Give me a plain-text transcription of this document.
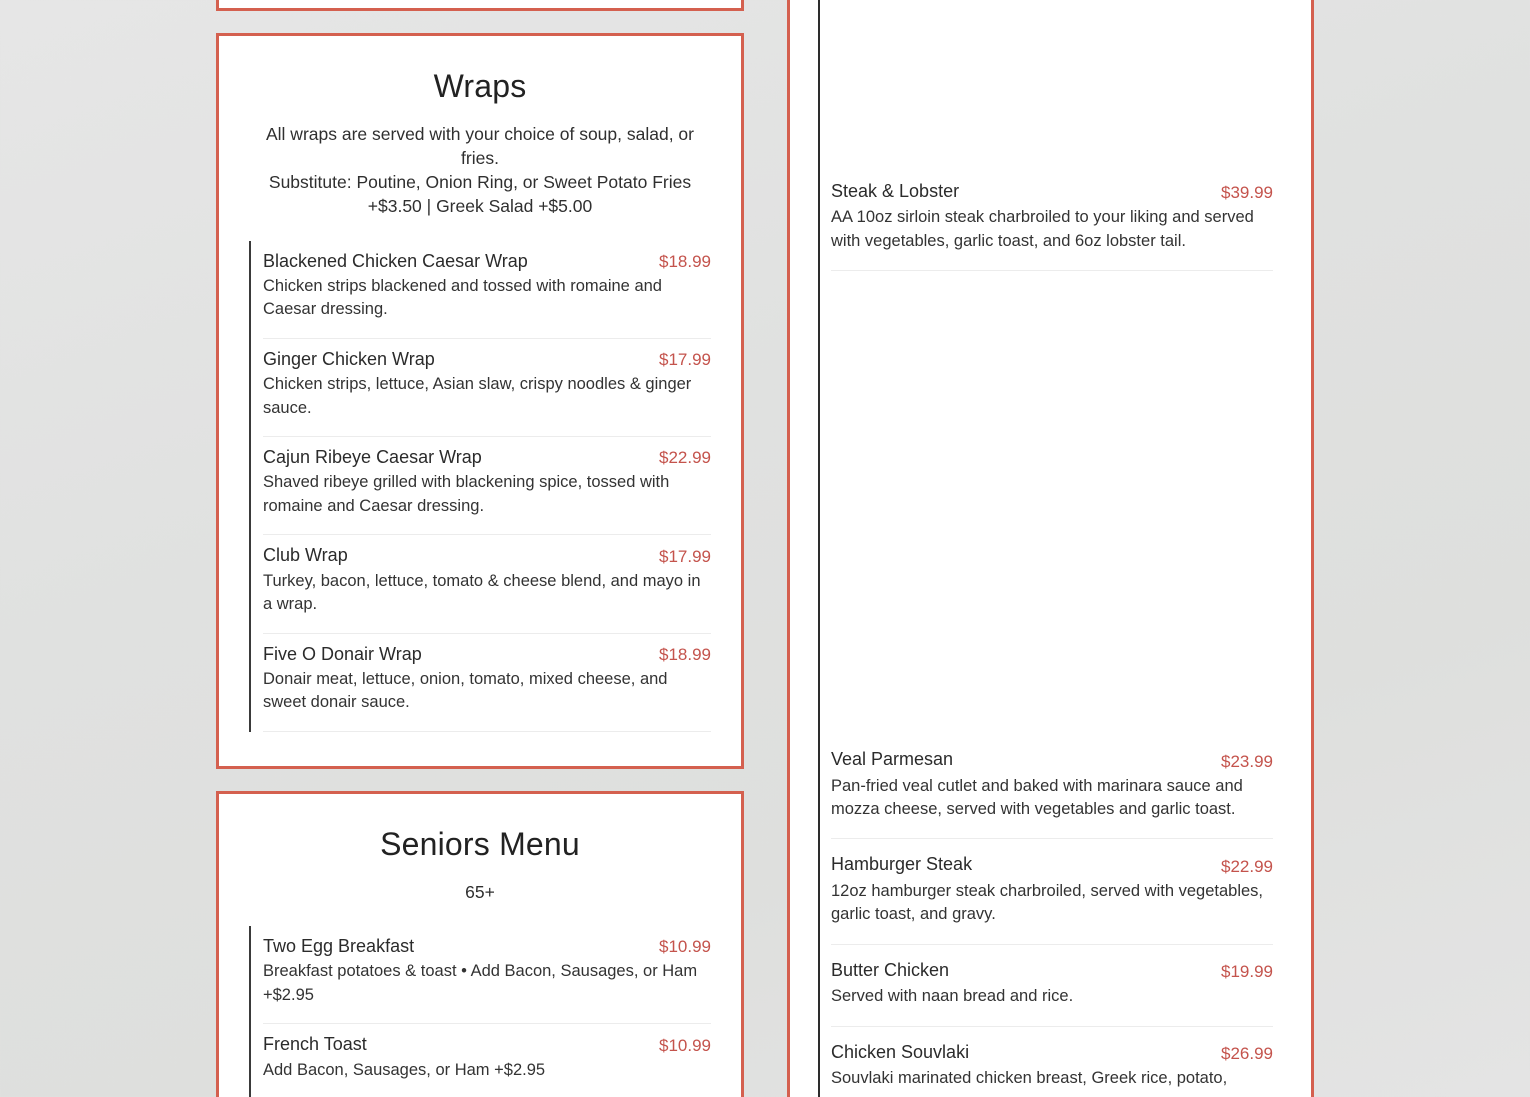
Wraps

All wraps are served with your choice of soup, salad, or fries.

Substitute: Poutine, Onion Ring, or Sweet Potato Fries +$3.50 | Greek Salad +$5.00

Blackened Chicken Caesar Wrap	$18.99
Chicken strips blackened and tossed with romaine and Caesar dressing.
Ginger Chicken Wrap	$17.99
Chicken strips, lettuce, Asian slaw, crispy noodles & ginger sauce.
Cajun Ribeye Caesar Wrap	$22.99
Shaved ribeye grilled with blackening spice, tossed with romaine and Caesar dressing.
Club Wrap	$17.99
Turkey, bacon, lettuce, tomato & cheese blend, and mayo in a wrap.
Five O Donair Wrap	$18.99
Donair meat, lettuce, onion, tomato, mixed cheese, and sweet donair sauce.
Seniors Menu

65+

Two Egg Breakfast	$10.99
Breakfast potatoes & toast • Add Bacon, Sausages, or Ham +$2.95
French Toast	$10.99
Add Bacon, Sausages, or Ham +$2.95
Steak & Lobster	$39.99
AA 10oz sirloin steak charbroiled to your liking and served with vegetables, garlic toast, and 6oz lobster tail.
Veal Parmesan	$23.99
Pan-fried veal cutlet and baked with marinara sauce and mozza cheese, served with vegetables and garlic toast.
Hamburger Steak	$22.99
12oz hamburger steak charbroiled, served with vegetables, garlic toast, and gravy.
Butter Chicken	$19.99
Served with naan bread and rice.
Chicken Souvlaki	$26.99
Souvlaki marinated chicken breast, Greek rice, potato,
